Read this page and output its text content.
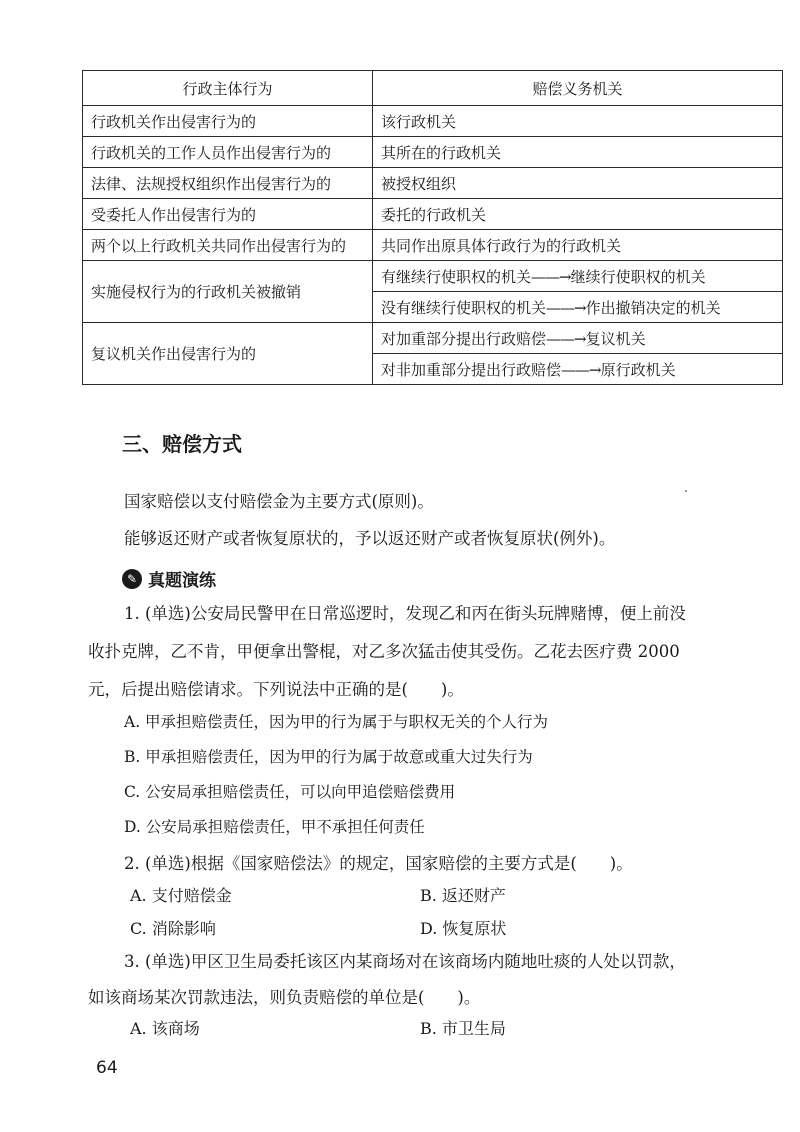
行政主体行为	赔偿义务机关
行政机关作出侵害行为的	该行政机关
行政机关的工作人员作出侵害行为的	其所在的行政机关
法律、法规授权组织作出侵害行为的	被授权组织
受委托人作出侵害行为的	委托的行政机关
两个以上行政机关共同作出侵害行为的	共同作出原具体行政行为的行政机关
实施侵权行为的行政机关被撤销	有继续行使职权的机关——→继续行使职权的机关
	没有继续行使职权的机关——→作出撤销决定的机关
复议机关作出侵害行为的	对加重部分提出行政赔偿——→复议机关
	对非加重部分提出行政赔偿——→原行政机关
三、赔偿方式
国家赔偿以支付赔偿金为主要方式(原则)。
能够返还财产或者恢复原状的，予以返还财产或者恢复原状(例外)。
✎ 真题演练
1. (单选)公安局民警甲在日常巡逻时，发现乙和丙在街头玩牌赌博，便上前没
收扑克牌，乙不肯，甲便拿出警棍，对乙多次猛击使其受伤。乙花去医疗费 2000
元，后提出赔偿请求。下列说法中正确的是(　　)。
A. 甲承担赔偿责任，因为甲的行为属于与职权无关的个人行为
B. 甲承担赔偿责任，因为甲的行为属于故意或重大过失行为
C. 公安局承担赔偿责任，可以向甲追偿赔偿费用
D. 公安局承担赔偿责任，甲不承担任何责任
2. (单选)根据《国家赔偿法》的规定，国家赔偿的主要方式是(　　)。
A. 支付赔偿金	B. 返还财产
C. 消除影响	D. 恢复原状
3. (单选)甲区卫生局委托该区内某商场对在该商场内随地吐痰的人处以罚款，
如该商场某次罚款违法，则负责赔偿的单位是(　　)。
A. 该商场	B. 市卫生局
64
